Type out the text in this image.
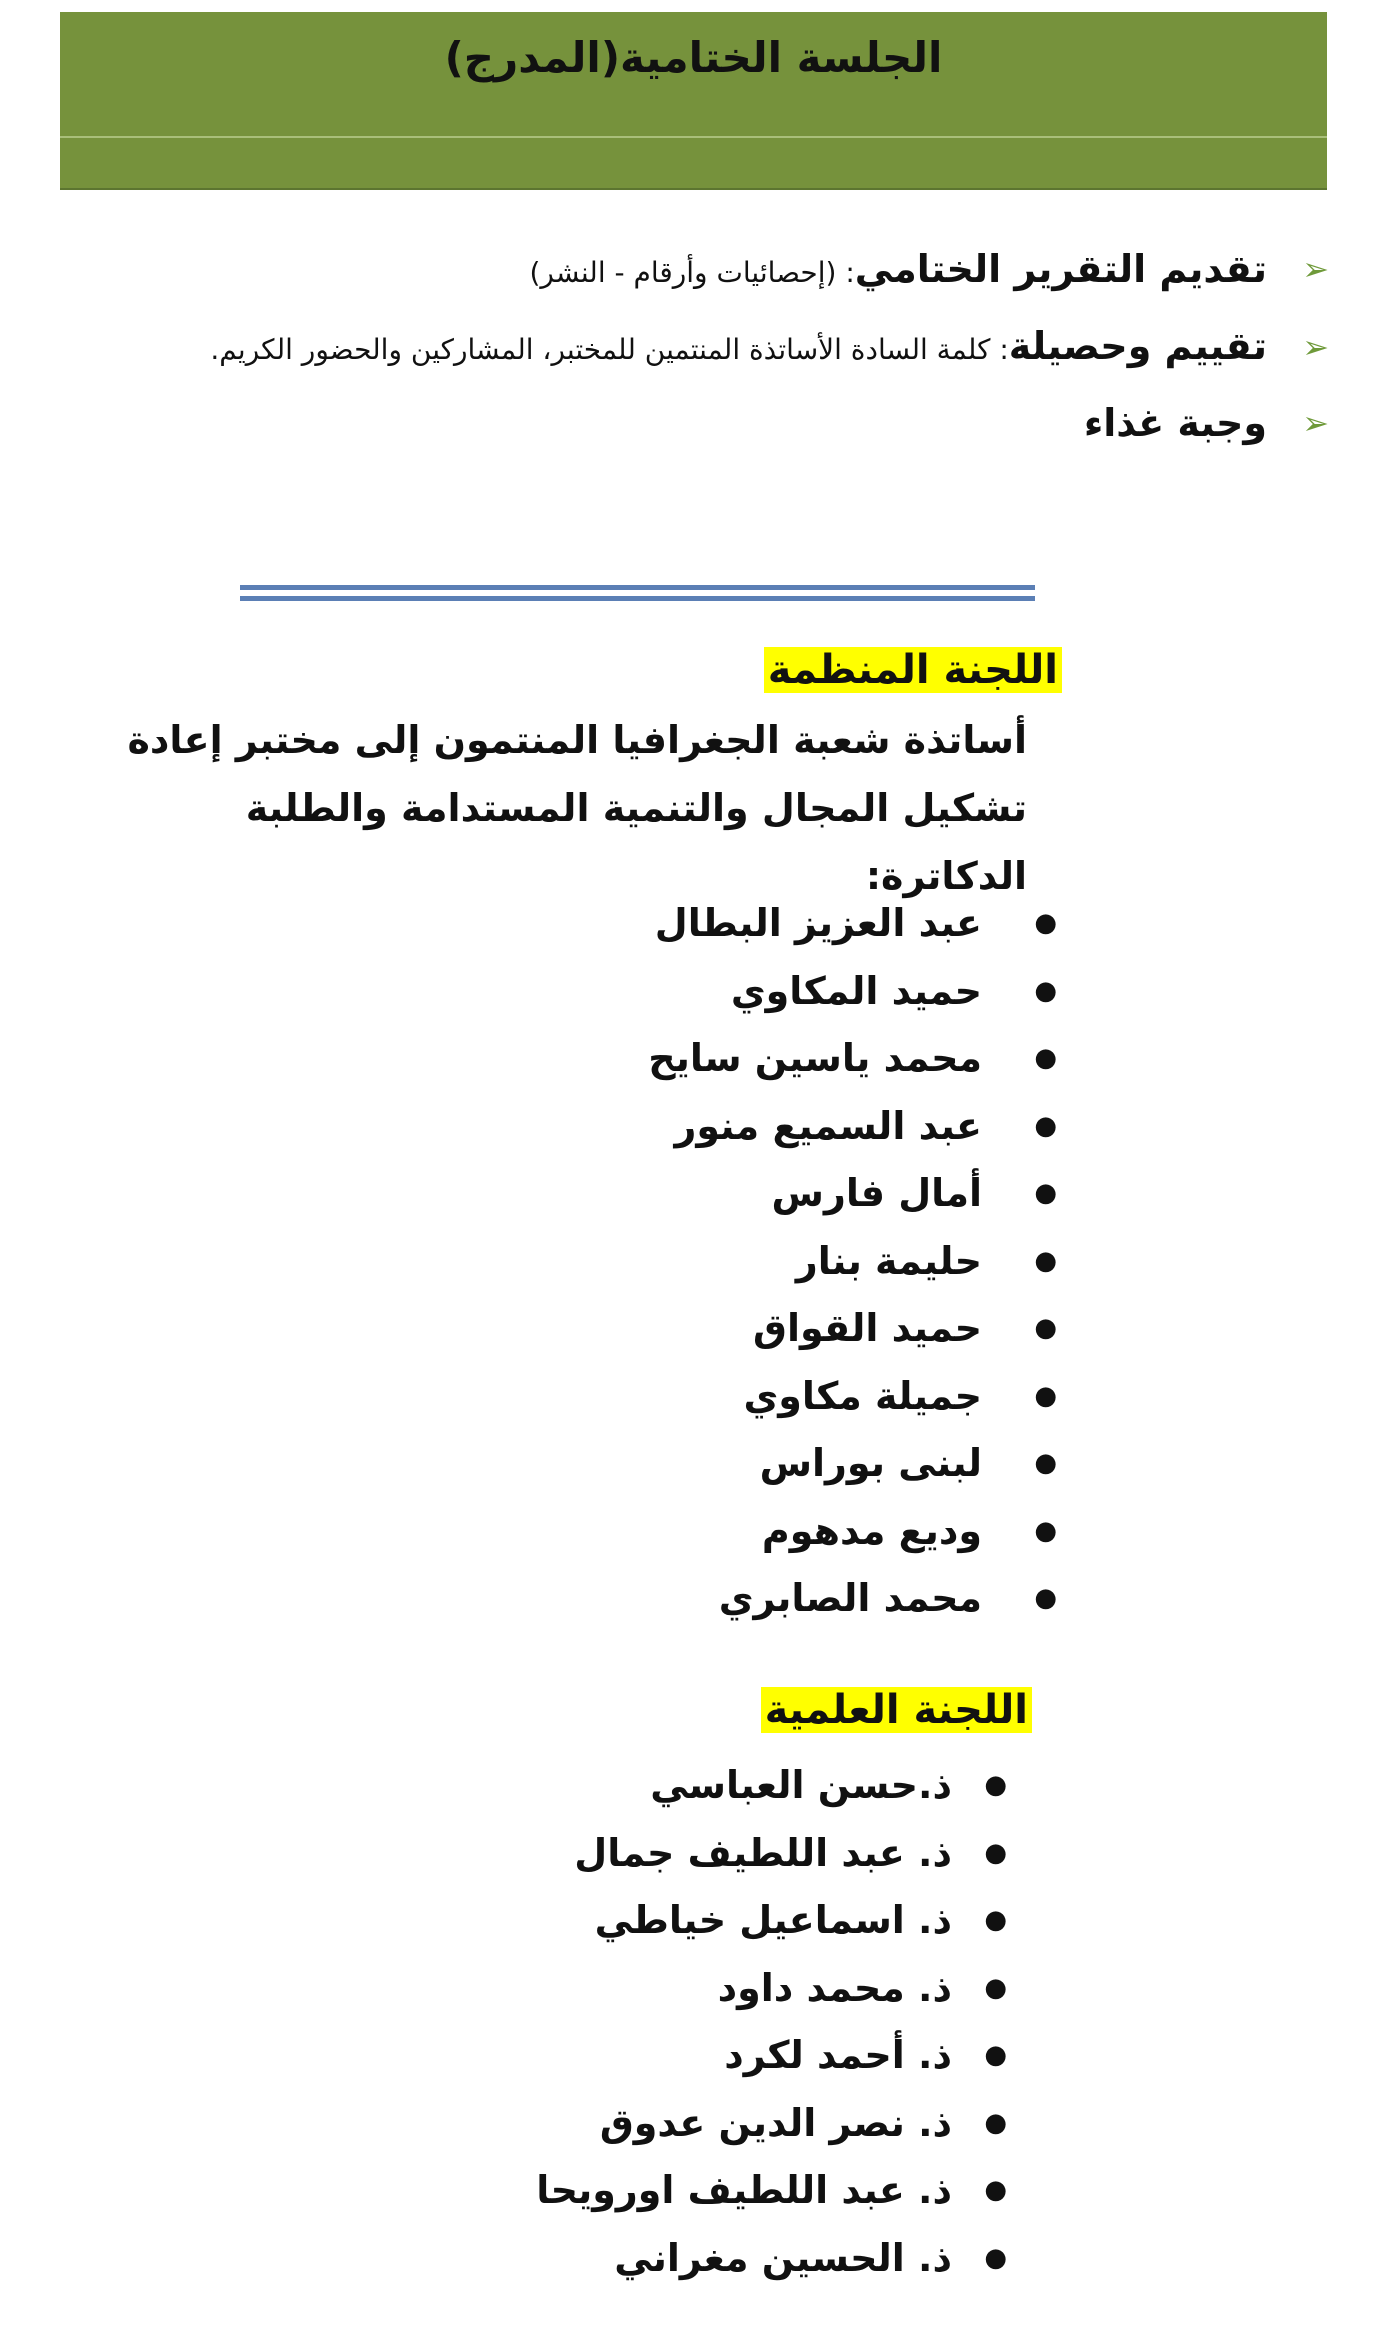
الجلسة الختامية(المدرج)
➢
تقديم التقرير الختامي: (إحصائيات وأرقام - النشر)
➢
تقييم وحصيلة: كلمة السادة الأساتذة المنتمين للمختبر، المشاركين والحضور الكريم.
➢
وجبة غذاء
اللجنة المنظمة
أساتذة شعبة الجغرافيا المنتمون إلى مختبر إعادة تشكيل المجال والتنمية المستدامة والطلبة الدكاترة:
●
عبد العزيز البطال
●
حميد المكاوي
●
محمد ياسين سايح
●
عبد السميع منور
●
أمال فارس
●
حليمة بنار
●
حميد القواق
●
جميلة مكاوي
●
لبنى بوراس
●
وديع مدهوم
●
محمد الصابري
اللجنة العلمية
●
ذ.حسن العباسي
●
ذ. عبد اللطيف جمال
●
ذ. اسماعيل خياطي
●
ذ. محمد داود
●
ذ. أحمد لكرد
●
ذ. نصر الدين عدوق
●
ذ. عبد اللطيف اورويحا
●
ذ. الحسين مغراني
